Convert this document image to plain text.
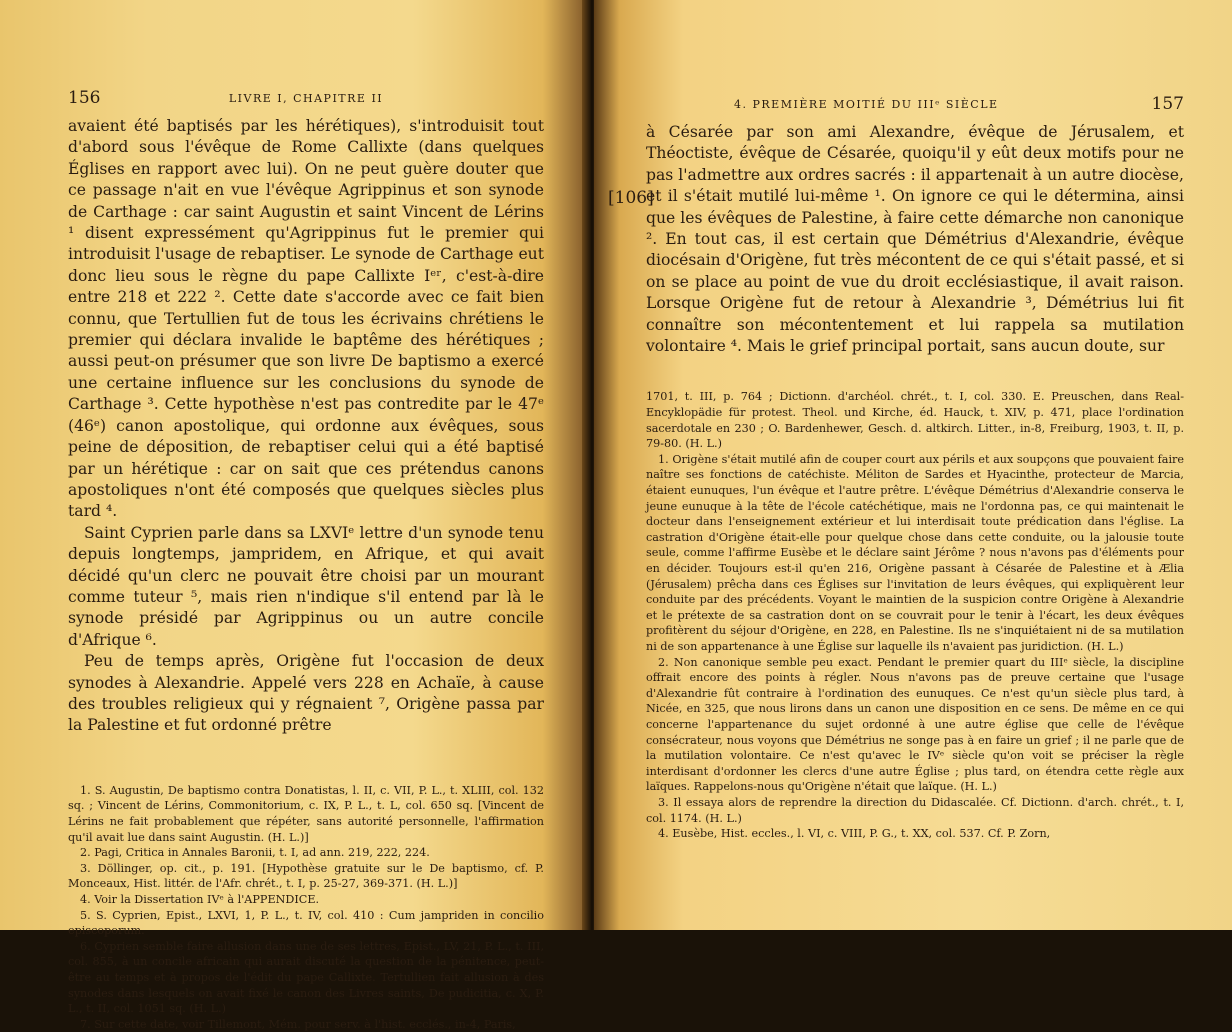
156	LIVRE I, CHAPITRE II

avaient été baptisés par les hérétiques), s'introduisit tout d'abord sous l'évêque de Rome Callixte (dans quelques Églises en rapport avec lui). On ne peut guère douter que ce passage n'ait en vue l'évêque Agrippinus et son synode de Carthage : car saint Augustin et saint Vincent de Lérins ¹ disent expressément qu'Agrippinus fut le premier qui introduisit l'usage de rebaptiser. Le synode de Carthage eut donc lieu sous le règne du pape Callixte Iᵉʳ, c'est-à-dire entre 218 et 222 ². Cette date s'accorde avec ce fait bien connu, que Tertullien fut de tous les écrivains chrétiens le premier qui déclara invalide le baptême des hérétiques ; aussi peut-on présumer que son livre De baptismo a exercé une certaine influence sur les conclusions du synode de Carthage ³. Cette hypothèse n'est pas contredite par le 47ᵉ (46ᵉ) canon apostolique, qui ordonne aux évêques, sous peine de déposition, de rebaptiser celui qui a été baptisé par un hérétique : car on sait que ces prétendus canons apostoliques n'ont été composés que quelques siècles plus tard ⁴.

Saint Cyprien parle dans sa LXVIᵉ lettre d'un synode tenu depuis longtemps, jampridem, en Afrique, et qui avait décidé qu'un clerc ne pouvait être choisi par un mourant comme tuteur ⁵, mais rien n'indique s'il entend par là le synode présidé par Agrippinus ou un autre concile d'Afrique ⁶.

Peu de temps après, Origène fut l'occasion de deux synodes à Alexandrie. Appelé vers 228 en Achaïe, à cause des troubles religieux qui y régnaient ⁷, Origène passa par la Palestine et fut ordonné prêtre

1. S. Augustin, De baptismo contra Donatistas, l. II, c. VII, P. L., t. XLIII, col. 132 sq. ; Vincent de Lérins, Commonitorium, c. IX, P. L., t. L, col. 650 sq. [Vincent de Lérins ne fait probablement que répéter, sans autorité personnelle, l'affirmation qu'il avait lue dans saint Augustin. (H. L.)]

2. Pagi, Critica in Annales Baronii, t. I, ad ann. 219, 222, 224.

3. Döllinger, op. cit., p. 191. [Hypothèse gratuite sur le De baptismo, cf. P. Monceaux, Hist. littér. de l'Afr. chrét., t. I, p. 25-27, 369-371. (H. L.)]

4. Voir la Dissertation IVᵉ à l'APPENDICE.

5. S. Cyprien, Epist., LXVI, 1, P. L., t. IV, col. 410 : Cum jampriden in concilio episcoporum.

6. Cyprien semble faire allusion dans une de ses lettres, Epist., LV, 21, P. L., t. III, col. 855, à un concile africain qui aurait discuté la question de la pénitence, peut-être au temps et à propos de l'édit du pape Callixte. Tertullien fait allusion à des synodes dans lesquels on avait fixé le canon des Livres saints, De pudicitia, c. X, P. L., t. II, col. 1051 sq. (H. L.)

7. Sur cette date, voir Tillemont, Mém. pour serv. à l'hist. ecclés., in-4, Paris,

4. PREMIÈRE MOITIÉ DU IIIᵉ SIÈCLE	157
[106]

à Césarée par son ami Alexandre, évêque de Jérusalem, et Théoctiste, évêque de Césarée, quoiqu'il y eût deux motifs pour ne pas l'admettre aux ordres sacrés : il appartenait à un autre diocèse, et il s'était mutilé lui-même ¹. On ignore ce qui le détermina, ainsi que les évêques de Palestine, à faire cette démarche non canonique ². En tout cas, il est certain que Démétrius d'Alexandrie, évêque diocésain d'Origène, fut très mécontent de ce qui s'était passé, et si on se place au point de vue du droit ecclésiastique, il avait raison. Lorsque Origène fut de retour à Alexandrie ³, Démétrius lui fit connaître son mécontentement et lui rappela sa mutilation volontaire ⁴. Mais le grief principal portait, sans aucun doute, sur

1701, t. III, p. 764 ; Dictionn. d'archéol. chrét., t. I, col. 330. E. Preuschen, dans Real-Encyklopädie für protest. Theol. und Kirche, éd. Hauck, t. XIV, p. 471, place l'ordination sacerdotale en 230 ; O. Bardenhewer, Gesch. d. altkirch. Litter., in-8, Freiburg, 1903, t. II, p. 79-80. (H. L.)

1. Origène s'était mutilé afin de couper court aux périls et aux soupçons que pouvaient faire naître ses fonctions de catéchiste. Méliton de Sardes et Hyacinthe, protecteur de Marcia, étaient eunuques, l'un évêque et l'autre prêtre. L'évêque Démétrius d'Alexandrie conserva le jeune eunuque à la tête de l'école catéchétique, mais ne l'ordonna pas, ce qui maintenait le docteur dans l'enseignement extérieur et lui interdisait toute prédication dans l'église. La castration d'Origène était-elle pour quelque chose dans cette conduite, ou la jalousie toute seule, comme l'affirme Eusèbe et le déclare saint Jérôme ? nous n'avons pas d'éléments pour en décider. Toujours est-il qu'en 216, Origène passant à Césarée de Palestine et à Ælia (Jérusalem) prêcha dans ces Églises sur l'invitation de leurs évêques, qui expliquèrent leur conduite par des précédents. Voyant le maintien de la suspicion contre Origène à Alexandrie et le prétexte de sa castration dont on se couvrait pour le tenir à l'écart, les deux évêques profitèrent du séjour d'Origène, en 228, en Palestine. Ils ne s'inquiétaient ni de sa mutilation ni de son appartenance à une Église sur laquelle ils n'avaient pas juridiction. (H. L.)

2. Non canonique semble peu exact. Pendant le premier quart du IIIᵉ siècle, la discipline offrait encore des points à régler. Nous n'avons pas de preuve certaine que l'usage d'Alexandrie fût contraire à l'ordination des eunuques. Ce n'est qu'un siècle plus tard, à Nicée, en 325, que nous lirons dans un canon une disposition en ce sens. De même en ce qui concerne l'appartenance du sujet ordonné à une autre église que celle de l'évêque consécrateur, nous voyons que Démétrius ne songe pas à en faire un grief ; il ne parle que de la mutilation volontaire. Ce n'est qu'avec le IVᵉ siècle qu'on voit se préciser la règle interdisant d'ordonner les clercs d'une autre Église ; plus tard, on étendra cette règle aux laïques. Rappelons-nous qu'Origène n'était que laïque. (H. L.)

3. Il essaya alors de reprendre la direction du Didascalée. Cf. Dictionn. d'arch. chrét., t. I, col. 1174. (H. L.)

4. Eusèbe, Hist. eccles., l. VI, c. VIII, P. G., t. XX, col. 537. Cf. P. Zorn,
